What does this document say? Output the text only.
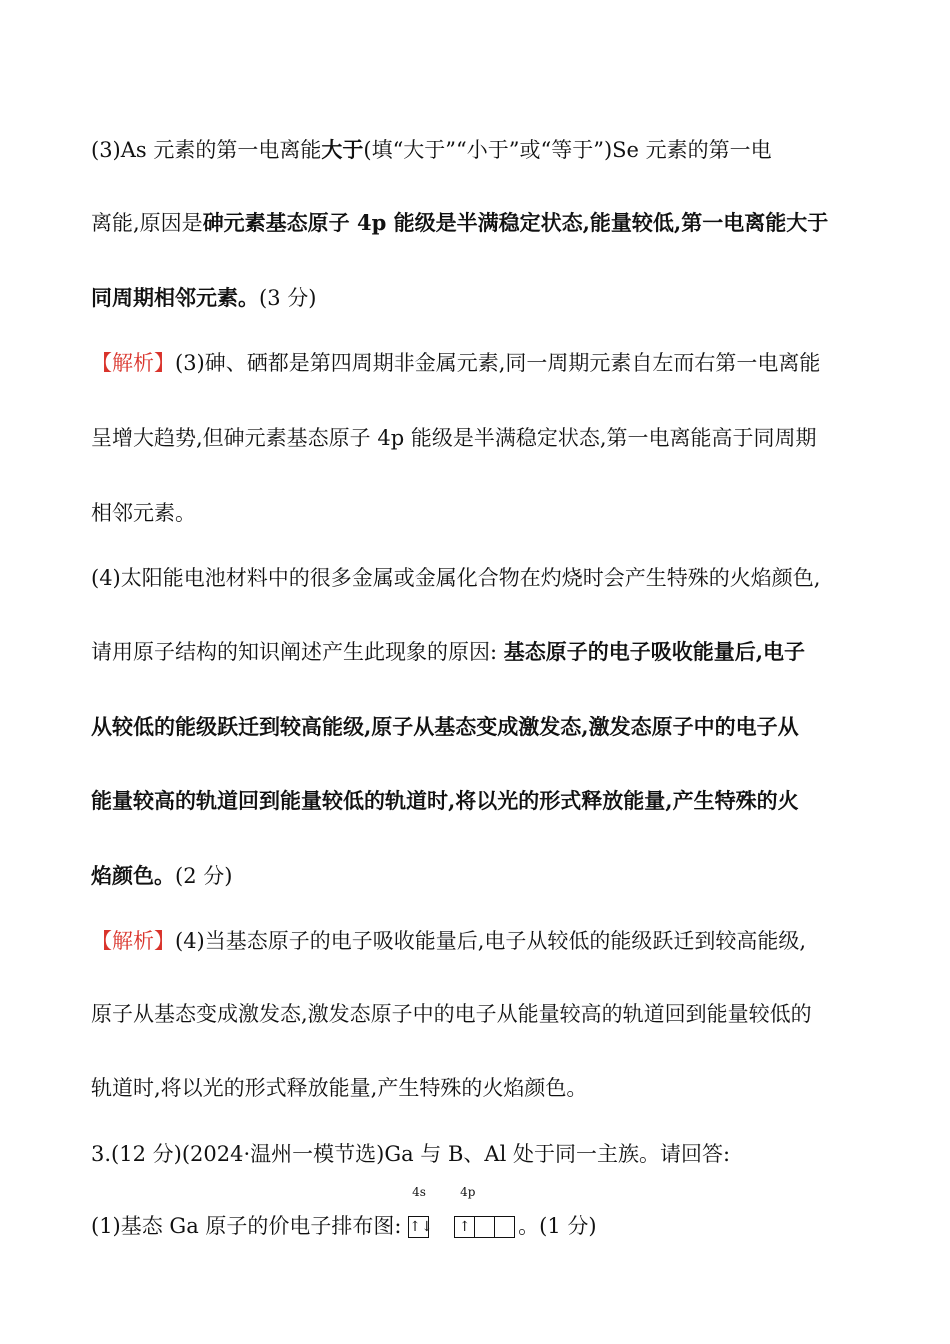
(3)As 元素的第一电离能大于(填“大于”“小于”或“等于”)Se 元素的第一电
离能,原因是砷元素基态原子 4p 能级是半满稳定状态,能量较低,第一电离能大于
同周期相邻元素。(3 分)
【解析】(3)砷、硒都是第四周期非金属元素,同一周期元素自左而右第一电离能
呈增大趋势,但砷元素基态原子 4p 能级是半满稳定状态,第一电离能高于同周期
相邻元素。
(4)太阳能电池材料中的很多金属或金属化合物在灼烧时会产生特殊的火焰颜色,
请用原子结构的知识阐述产生此现象的原因: 基态原子的电子吸收能量后,电子
从较低的能级跃迁到较高能级,原子从基态变成激发态,激发态原子中的电子从
能量较高的轨道回到能量较低的轨道时,将以光的形式释放能量,产生特殊的火
焰颜色。(2 分)
【解析】(4)当基态原子的电子吸收能量后,电子从较低的能级跃迁到较高能级,
原子从基态变成激发态,激发态原子中的电子从能量较高的轨道回到能量较低的
轨道时,将以光的形式释放能量,产生特殊的火焰颜色。
3.(12 分)(2024·温州一模节选)Ga 与 B、Al 处于同一主族。请回答:
(1)基态 Ga 原子的价电子排布图:
4s
↑↓
4p
↑ 。(1 分)
